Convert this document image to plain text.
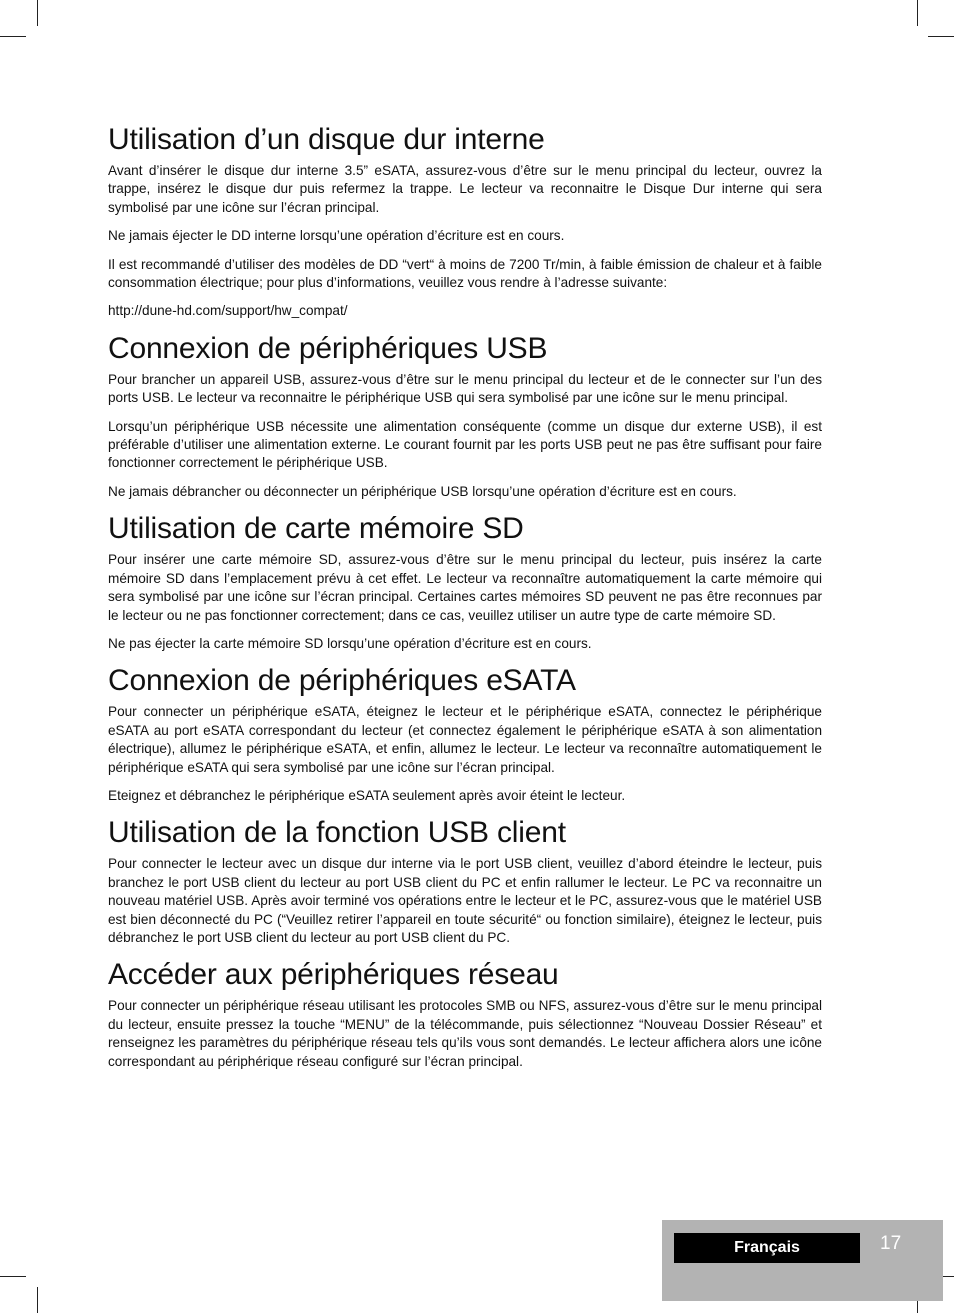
Utilisation d’un disque dur interne

Avant d’insérer le disque dur interne 3.5” eSATA, assurez-vous d’être sur le menu principal du lecteur, ouvrez la trappe, insérez le disque dur puis refermez la trappe. Le lecteur va reconnaitre le Disque Dur interne qui sera symbolisé par une icône sur l’écran principal.

Ne jamais éjecter le DD interne lorsqu’une opération d’écriture est en cours.

Il est recommandé d’utiliser des modèles de DD “vert“ à moins de 7200 Tr/min, à faible émission de chaleur et à faible consommation électrique; pour plus d’informations, veuillez vous rendre à l’adresse suivante:

http://dune-hd.com/support/hw_compat/

Connexion de périphériques USB

Pour brancher un appareil USB, assurez-vous d’être sur le menu principal du lecteur et de le connecter sur l’un des ports USB. Le lecteur va reconnaitre le périphérique USB qui sera symbolisé par une icône sur le menu principal.

Lorsqu’un périphérique USB nécessite une alimentation conséquente (comme un disque dur externe USB), il est préférable d’utiliser une alimentation externe. Le courant fournit par les ports USB peut ne pas être suffisant pour faire fonctionner correctement le périphérique USB.

Ne jamais débrancher ou déconnecter un périphérique USB lorsqu’une opération d’écriture est en cours.

Utilisation de carte mémoire SD

Pour insérer une carte mémoire SD, assurez-vous d’être sur le menu principal du lecteur, puis insérez la carte mémoire SD dans l’emplacement prévu à cet effet. Le lecteur va reconnaître automatiquement la carte mémoire qui sera symbolisé par une icône sur l’écran principal. Certaines cartes mémoires SD peuvent ne pas être reconnues par le lecteur ou ne pas fonctionner correctement; dans ce cas, veuillez utiliser un autre type de carte mémoire SD.

Ne pas éjecter la carte mémoire SD lorsqu’une opération d’écriture est en cours.

Connexion de périphériques eSATA

Pour connecter un périphérique eSATA, éteignez le lecteur et le périphérique eSATA, connectez le périphérique eSATA au port eSATA correspondant du lecteur (et connectez également le périphérique eSATA à son alimentation électrique), allumez le périphérique eSATA, et enfin, allumez le lecteur. Le lecteur va reconnaître automatiquement le périphérique eSATA qui sera symbolisé par une icône sur l’écran principal.

Eteignez et débranchez le périphérique eSATA seulement après avoir éteint le lecteur.

Utilisation de la fonction USB client

Pour connecter le lecteur avec un disque dur interne via le port USB client, veuillez d’abord éteindre le lecteur, puis branchez le port USB client du lecteur au port USB client du PC et enfin rallumer le lecteur. Le PC va reconnaitre un nouveau matériel USB. Après avoir terminé vos opérations entre le lecteur et le PC, assurez-vous que le matériel USB est bien déconnecté du PC (“Veuillez retirer l’appareil en toute sécurité“ ou fonction similaire), éteignez le lecteur, puis débranchez le port USB client du lecteur au port USB client du PC.

Accéder aux périphériques réseau

Pour connecter un périphérique réseau utilisant les protocoles SMB ou NFS, assurez-vous d’être sur le menu principal du lecteur, ensuite pressez la touche “MENU” de la télécommande, puis sélectionnez “Nouveau Dossier Réseau” et renseignez les paramètres du périphérique réseau tels qu’ils vous sont demandés. Le lecteur affichera alors une icône correspondant au périphérique réseau configuré sur l’écran principal.

Français	17
